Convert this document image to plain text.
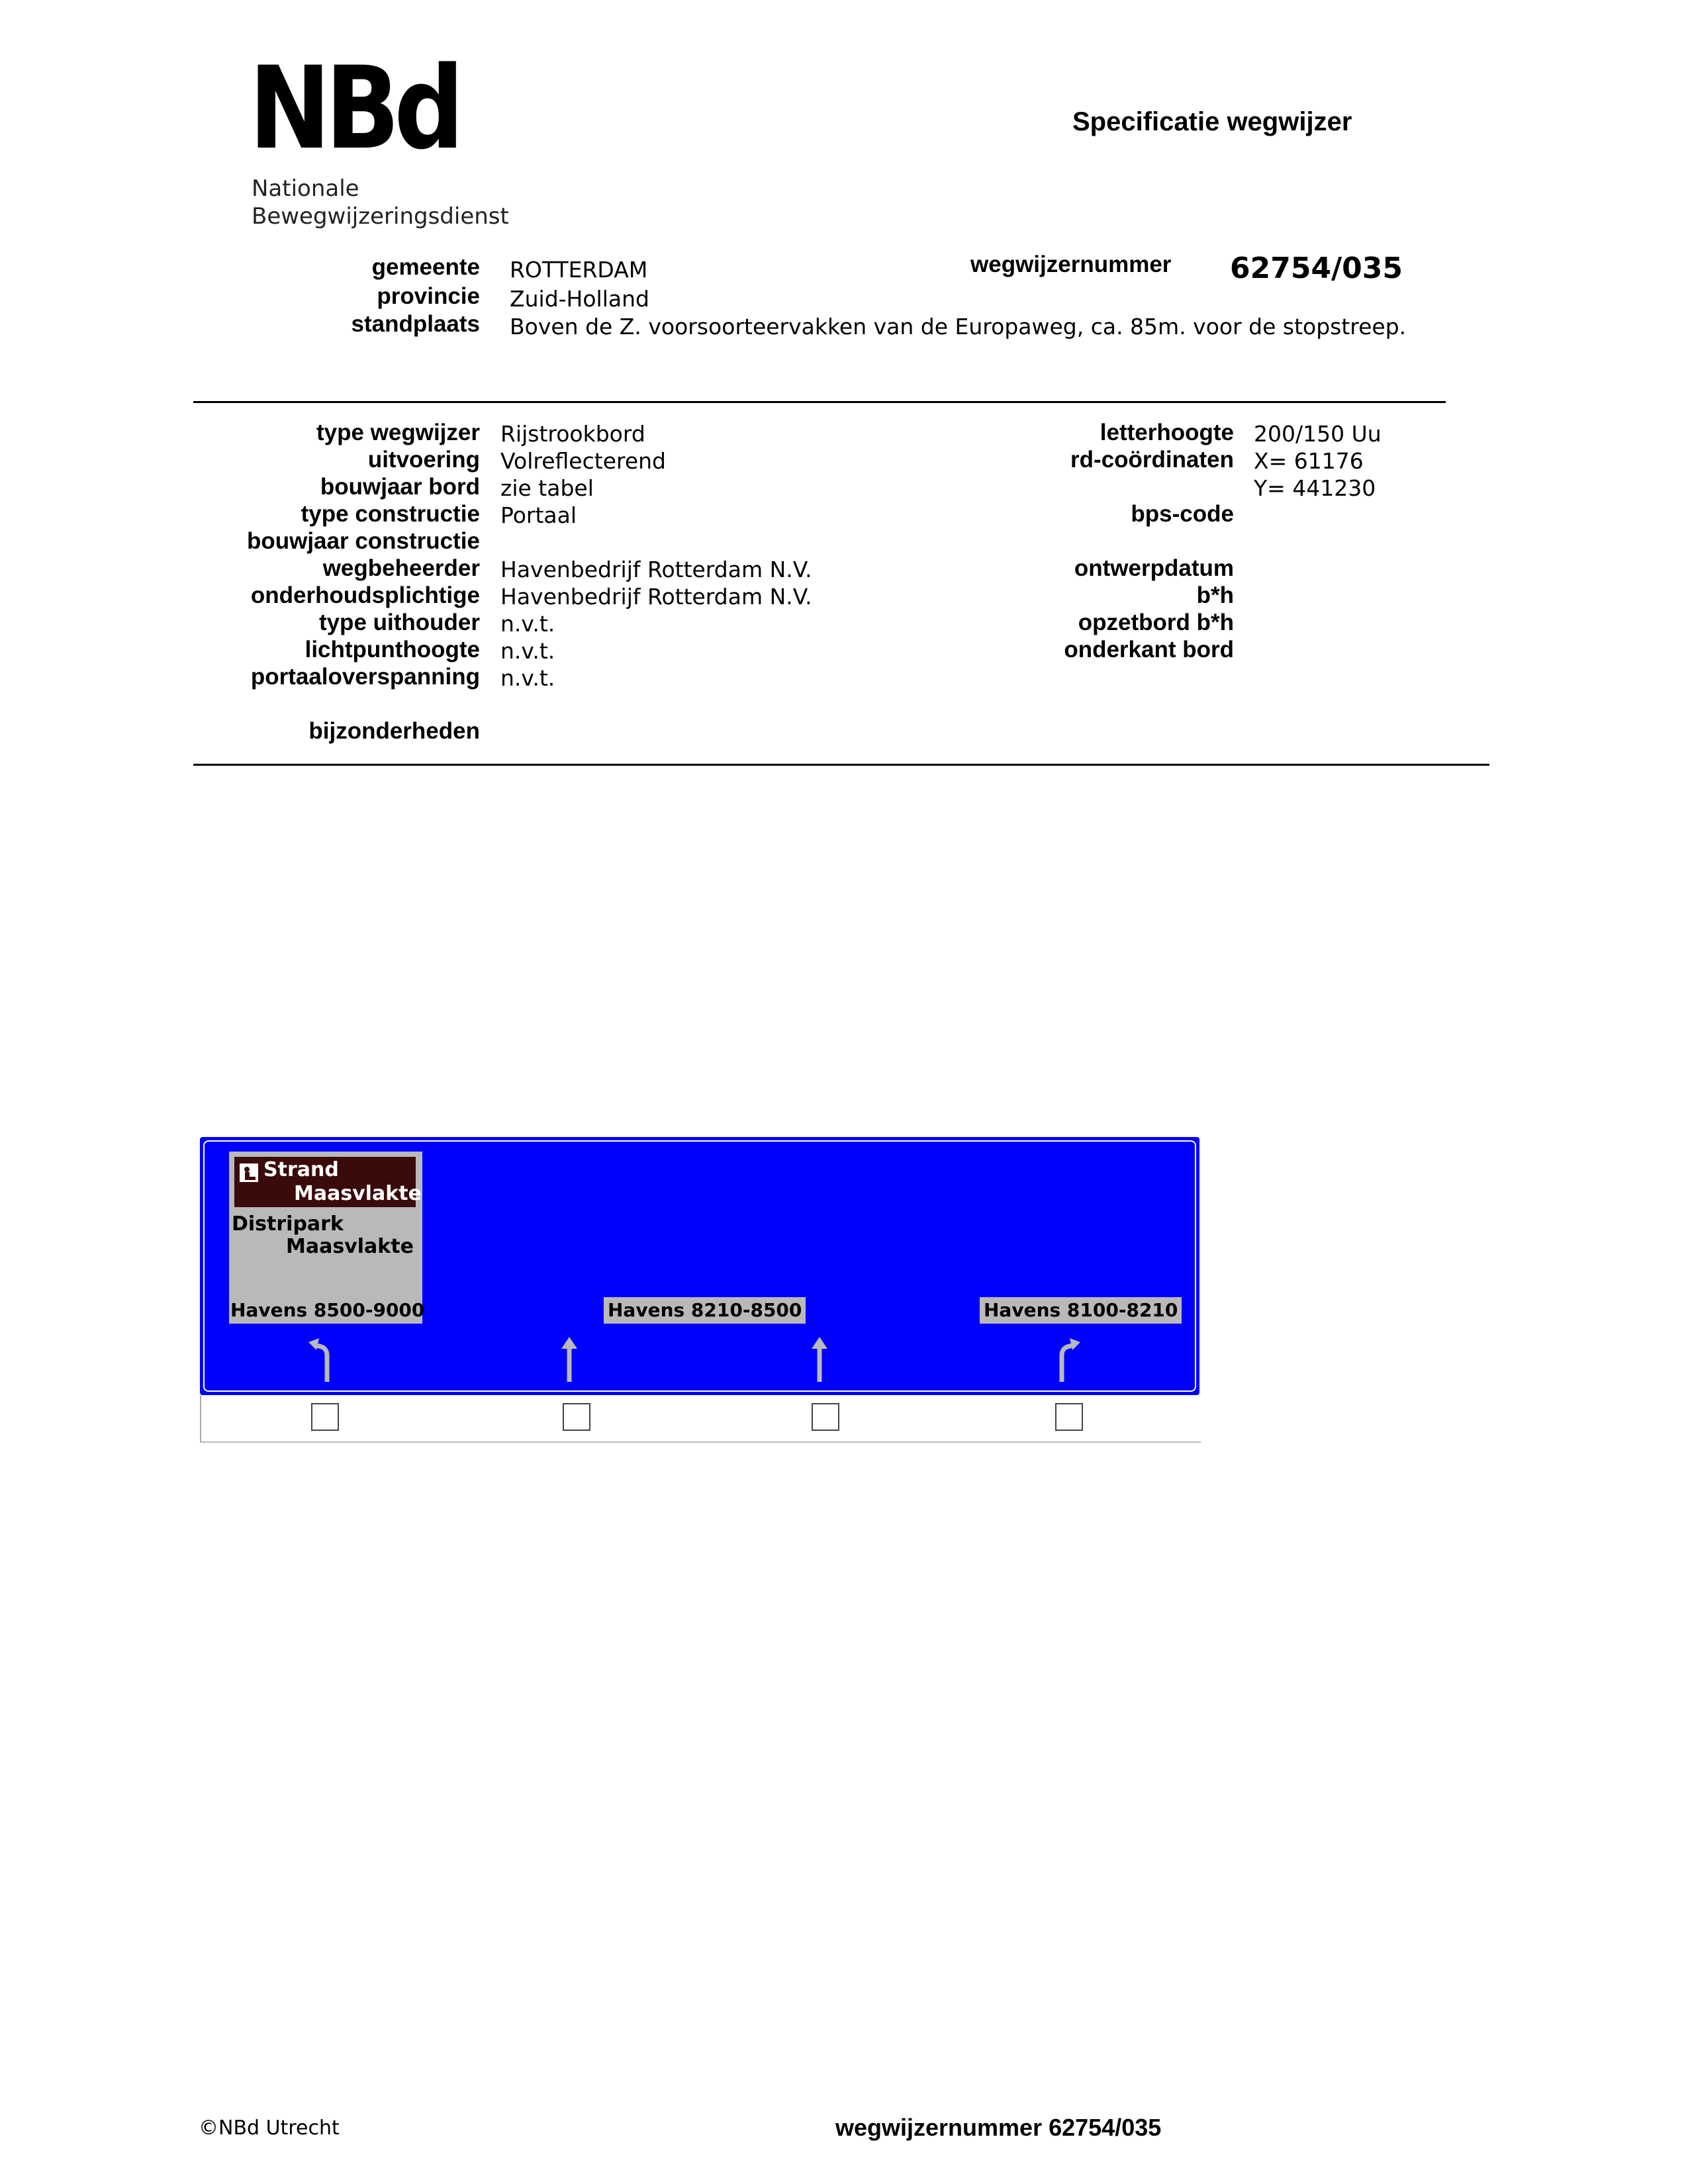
NBd
Nationale
Bewegwijzeringsdienst
Specificatie wegwijzer
gemeente ROTTERDAM
provincie Zuid-Holland
standplaats Boven de Z. voorsoorteervakken van de Europaweg, ca. 85m. voor de stopstreep.
wegwijzernummer 62754/035
type wegwijzer Rijstrookbord
uitvoering Volreflecterend
bouwjaar bord zie tabel
type constructie Portaal
bouwjaar constructie
wegbeheerder Havenbedrijf Rotterdam N.V.
onderhoudsplichtige Havenbedrijf Rotterdam N.V.
type uithouder n.v.t.
lichtpunthoogte n.v.t.
portaaloverspanning n.v.t.
bijzonderheden
letterhoogte 200/150 Uu
rd-coördinaten X= 61176
Y= 441230
bps-code
ontwerpdatum
b*h
opzetbord b*h
onderkant bord
Strand
Maasvlakte
Distripark
Maasvlakte
Havens 8500-9000	Havens 8210-8500	Havens 8100-8210
©NBd Utrecht	wegwijzernummer 62754/035
